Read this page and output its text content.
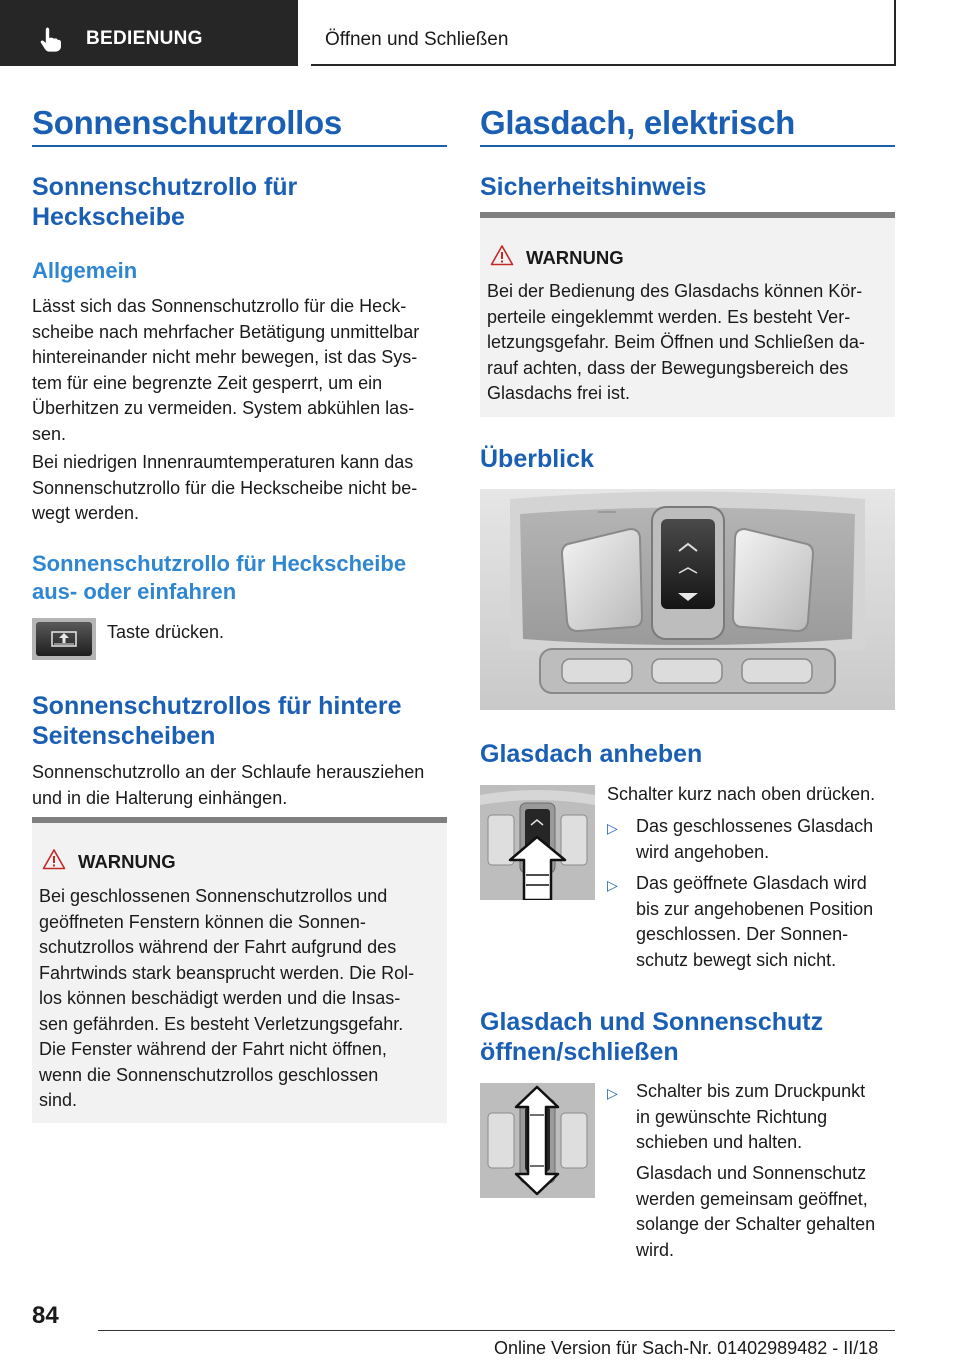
BEDIENUNG	Öffnen und Schließen
Sonnenschutzrollos
Sonnenschutzrollo für
Heckscheibe
Allgemein
Lässt sich das Sonnenschutzrollo für die Heck-
scheibe nach mehrfacher Betätigung unmittelbar
hintereinander nicht mehr bewegen, ist das Sys-
tem für eine begrenzte Zeit gesperrt, um ein
Überhitzen zu vermeiden. System abkühlen las-
sen.
Bei niedrigen Innenraumtemperaturen kann das
Sonnenschutzrollo für die Heckscheibe nicht be-
wegt werden.
Sonnenschutzrollo für Heckscheibe
aus- oder einfahren
Taste drücken.
Sonnenschutzrollos für hintere
Seitenscheiben
Sonnenschutzrollo an der Schlaufe herausziehen
und in die Halterung einhängen.
WARNUNG
Bei geschlossenen Sonnenschutzrollos und
geöffneten Fenstern können die Sonnen-
schutzrollos während der Fahrt aufgrund des
Fahrtwinds stark beansprucht werden. Die Rol-
los können beschädigt werden und die Insas-
sen gefährden. Es besteht Verletzungsgefahr.
Die Fenster während der Fahrt nicht öffnen,
wenn die Sonnenschutzrollos geschlossen
sind.
Glasdach, elektrisch
Sicherheitshinweis
WARNUNG
Bei der Bedienung des Glasdachs können Kör-
perteile eingeklemmt werden. Es besteht Ver-
letzungsgefahr. Beim Öffnen und Schließen da-
rauf achten, dass der Bewegungsbereich des
Glasdachs frei ist.
Überblick
Glasdach anheben
Schalter kurz nach oben drücken.
▷ Das geschlossenes Glasdach
wird angehoben.
▷ Das geöffnete Glasdach wird
bis zur angehobenen Position
geschlossen. Der Sonnen-
schutz bewegt sich nicht.
Glasdach und Sonnenschutz
öffnen/schließen
▷ Schalter bis zum Druckpunkt
in gewünschte Richtung
schieben und halten.
Glasdach und Sonnenschutz
werden gemeinsam geöffnet,
solange der Schalter gehalten
wird.
84
Online Version für Sach-Nr. 01402989482 - II/18
